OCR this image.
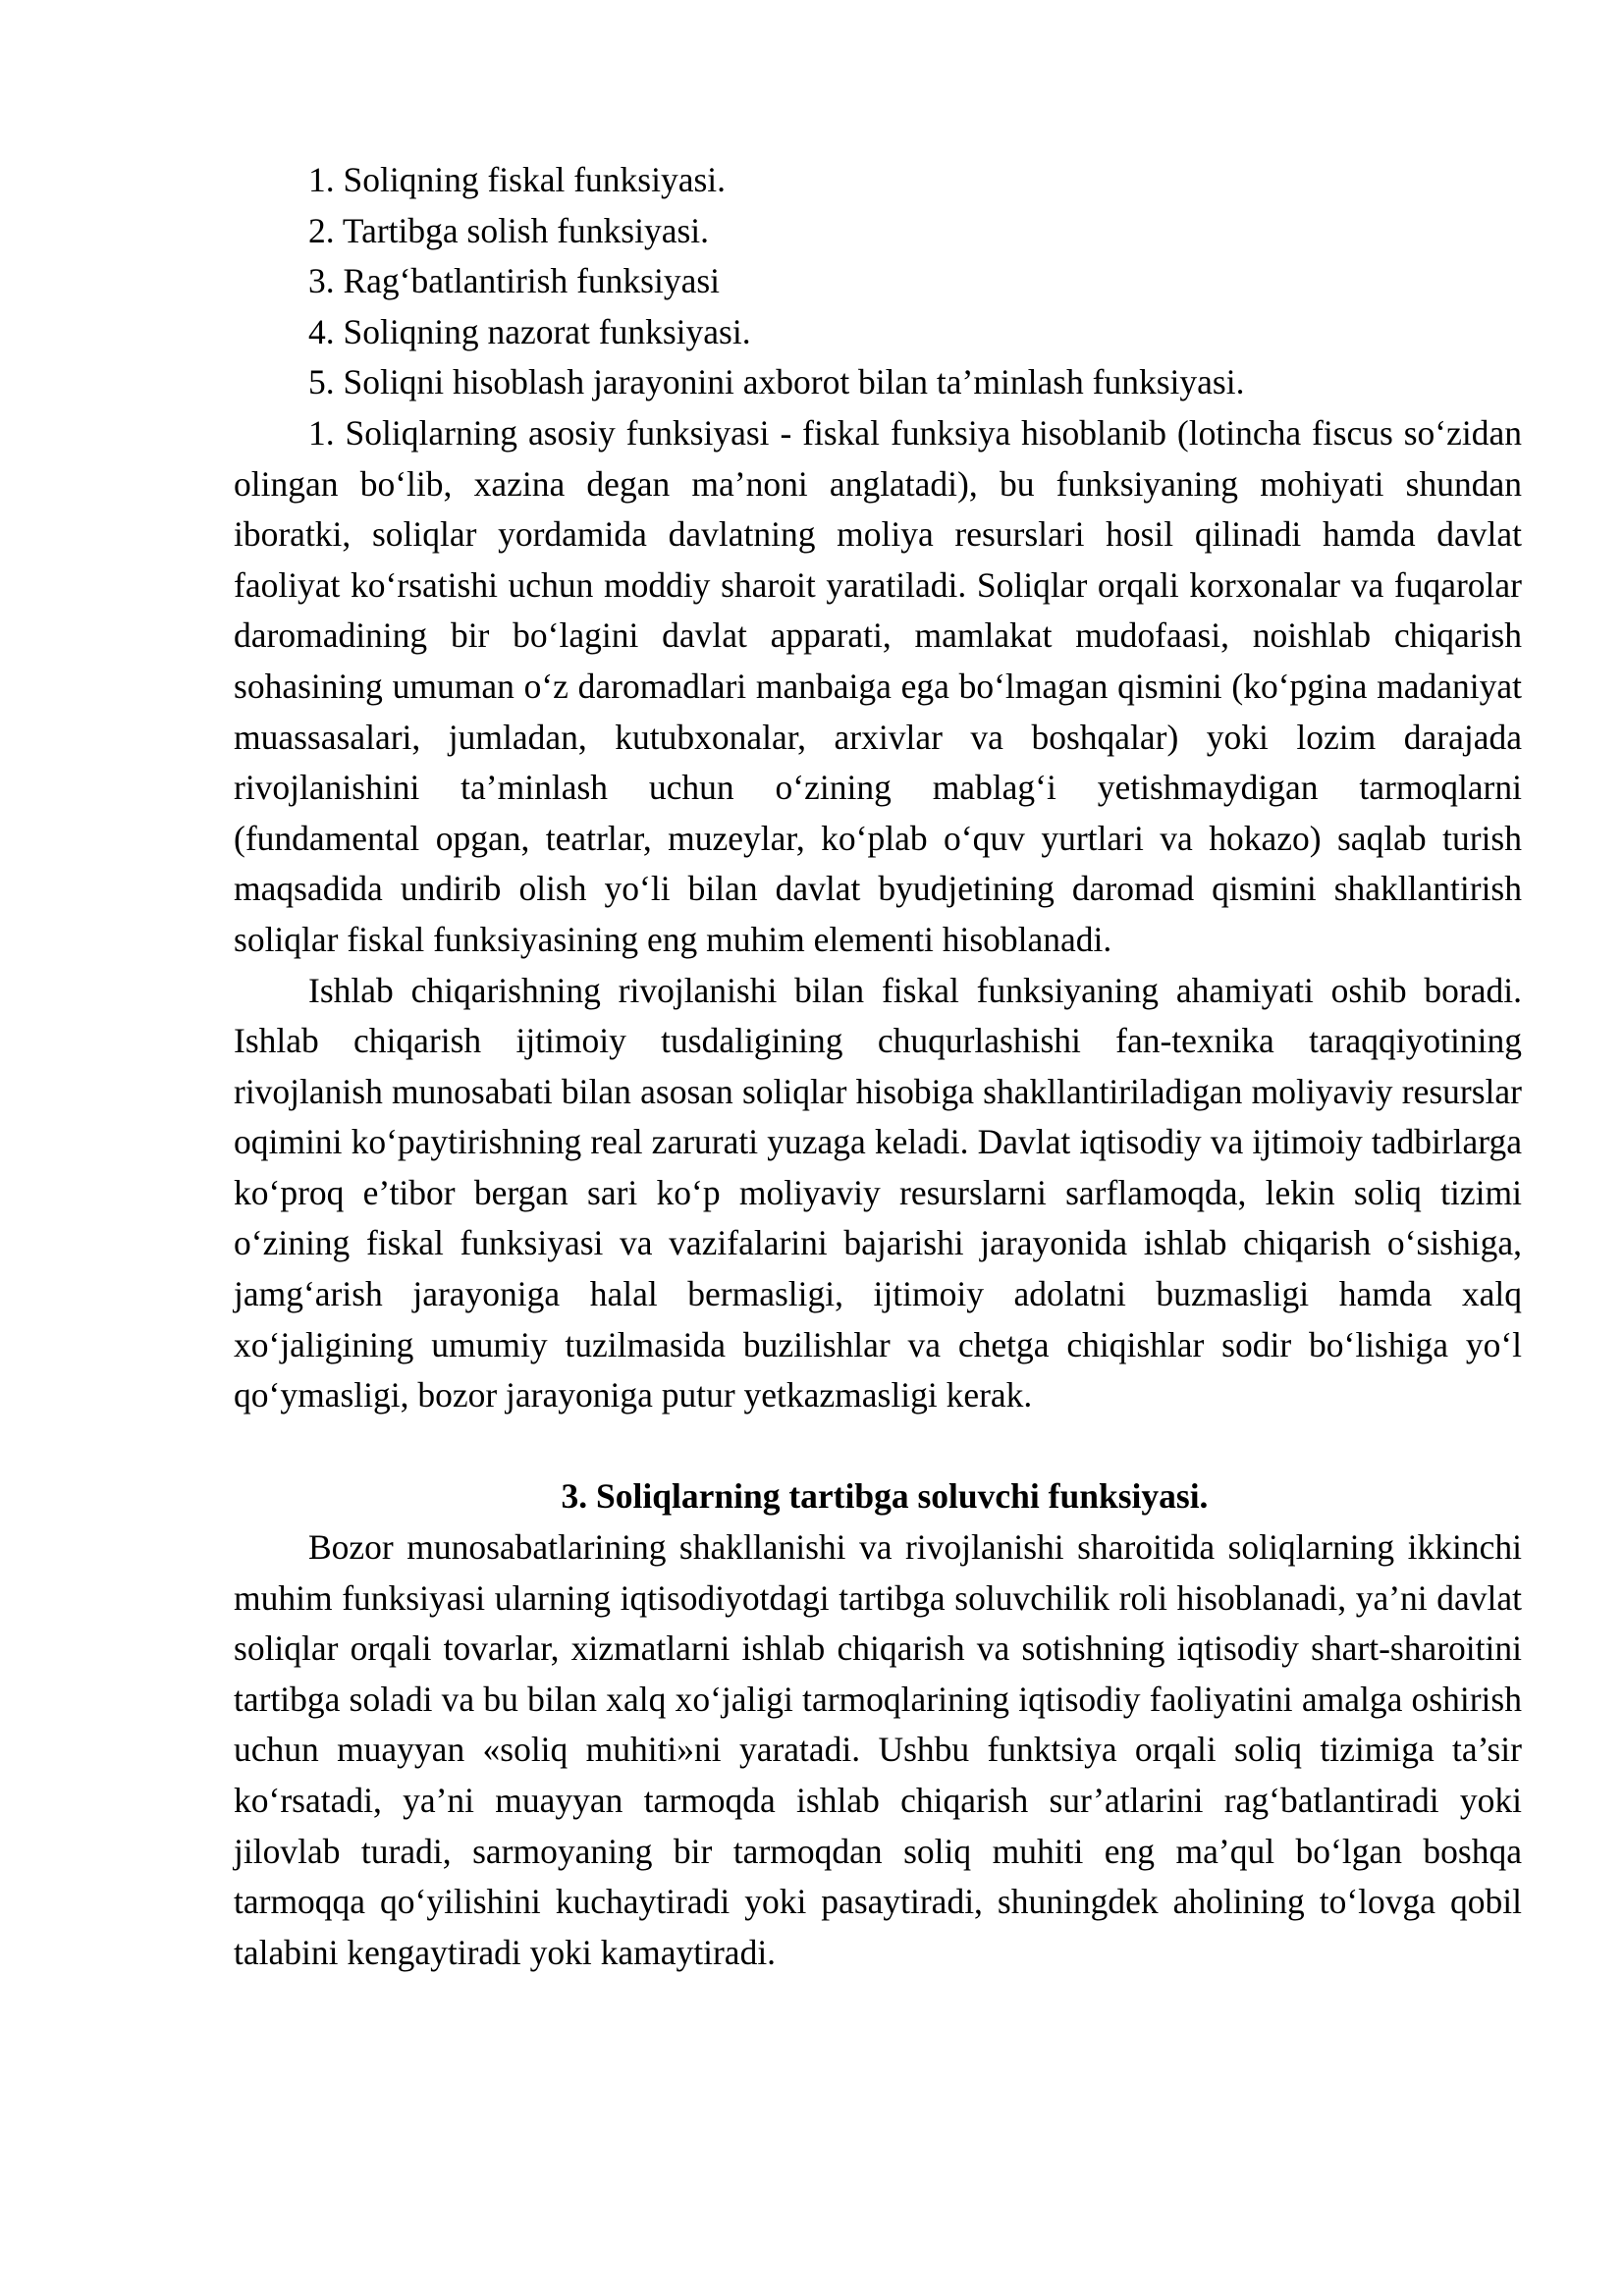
1. Soliqning fiskal funksiyasi.

2. Tartibga solish funksiyasi.

3. Rag‘batlantirish funksiyasi

4. Soliqning nazorat funksiyasi.

5. Soliqni hisoblash jarayonini axborot bilan ta’minlash funksiyasi.

1. Soliqlarning asosiy funksiyasi - fiskal funksiya hisoblanib (lotincha fiscus so‘zidan olingan bo‘lib, xazina degan ma’noni anglatadi), bu funksiyaning mohiyati shundan iboratki, soliqlar yordamida davlatning moliya resurslari hosil qilinadi hamda davlat faoliyat ko‘rsatishi uchun moddiy sharoit yaratiladi. Soliqlar orqali korxonalar va fuqarolar daromadining bir bo‘lagini davlat apparati, mamlakat mudofaasi, noishlab chiqarish sohasining umuman o‘z daromadlari manbaiga ega bo‘lmagan qismini (ko‘pgina madaniyat muassasalari, jumladan, kutubxonalar, arxivlar va boshqalar) yoki lozim darajada rivojlanishini ta’minlash uchun o‘zining mablag‘i yetishmaydigan tarmoqlarni (fundamental opgan, teatrlar, muzeylar, ko‘plab o‘quv yurtlari va hokazo) saqlab turish maqsadida undirib olish yo‘li bilan davlat byudjetining daromad qismini shakllantirish soliqlar fiskal funksiyasining eng muhim elementi hisoblanadi.

Ishlab chiqarishning rivojlanishi bilan fiskal funksiyaning ahamiyati oshib boradi. Ishlab chiqarish ijtimoiy tusdaligining chuqurlashishi fan-texnika taraqqiyotining rivojlanish munosabati bilan asosan soliqlar hisobiga shakllantiriladigan moliyaviy resurslar oqimini ko‘paytirishning real zarurati yuzaga keladi. Davlat iqtisodiy va ijtimoiy tadbirlarga ko‘proq e’tibor bergan sari ko‘p moliyaviy resurslarni sarflamoqda, lekin soliq tizimi o‘zining fiskal funksiyasi va vazifalarini bajarishi jarayonida ishlab chiqarish o‘sishiga, jamg‘arish jarayoniga halal bermasligi, ijtimoiy adolatni buzmasligi hamda xalq xo‘jaligining umumiy tuzilmasida buzilishlar va chetga chiqishlar sodir bo‘lishiga yo‘l qo‘ymasligi, bozor jarayoniga putur yetkazmasligi kerak.

3. Soliqlarning tartibga soluvchi funksiyasi.

Bozor munosabatlarining shakllanishi va rivojlanishi sharoitida soliqlarning ikkinchi muhim funksiyasi ularning iqtisodiyotdagi tartibga soluvchilik roli hisoblanadi, ya’ni davlat soliqlar orqali tovarlar, xizmatlarni ishlab chiqarish va sotishning iqtisodiy shart-sharoitini tartibga soladi va bu bilan xalq xo‘jaligi tarmoqlarining iqtisodiy faoliyatini amalga oshirish uchun muayyan «soliq muhiti»ni yaratadi. Ushbu funktsiya orqali soliq tizimiga ta’sir ko‘rsatadi, ya’ni muayyan tarmoqda ishlab chiqarish sur’atlarini rag‘batlantiradi yoki jilovlab turadi, sarmoyaning bir tarmoqdan soliq muhiti eng ma’qul bo‘lgan boshqa tarmoqqa qo‘yilishini kuchaytiradi yoki pasaytiradi, shuningdek aholining to‘lovga qobil talabini kengaytiradi yoki kamaytiradi.
